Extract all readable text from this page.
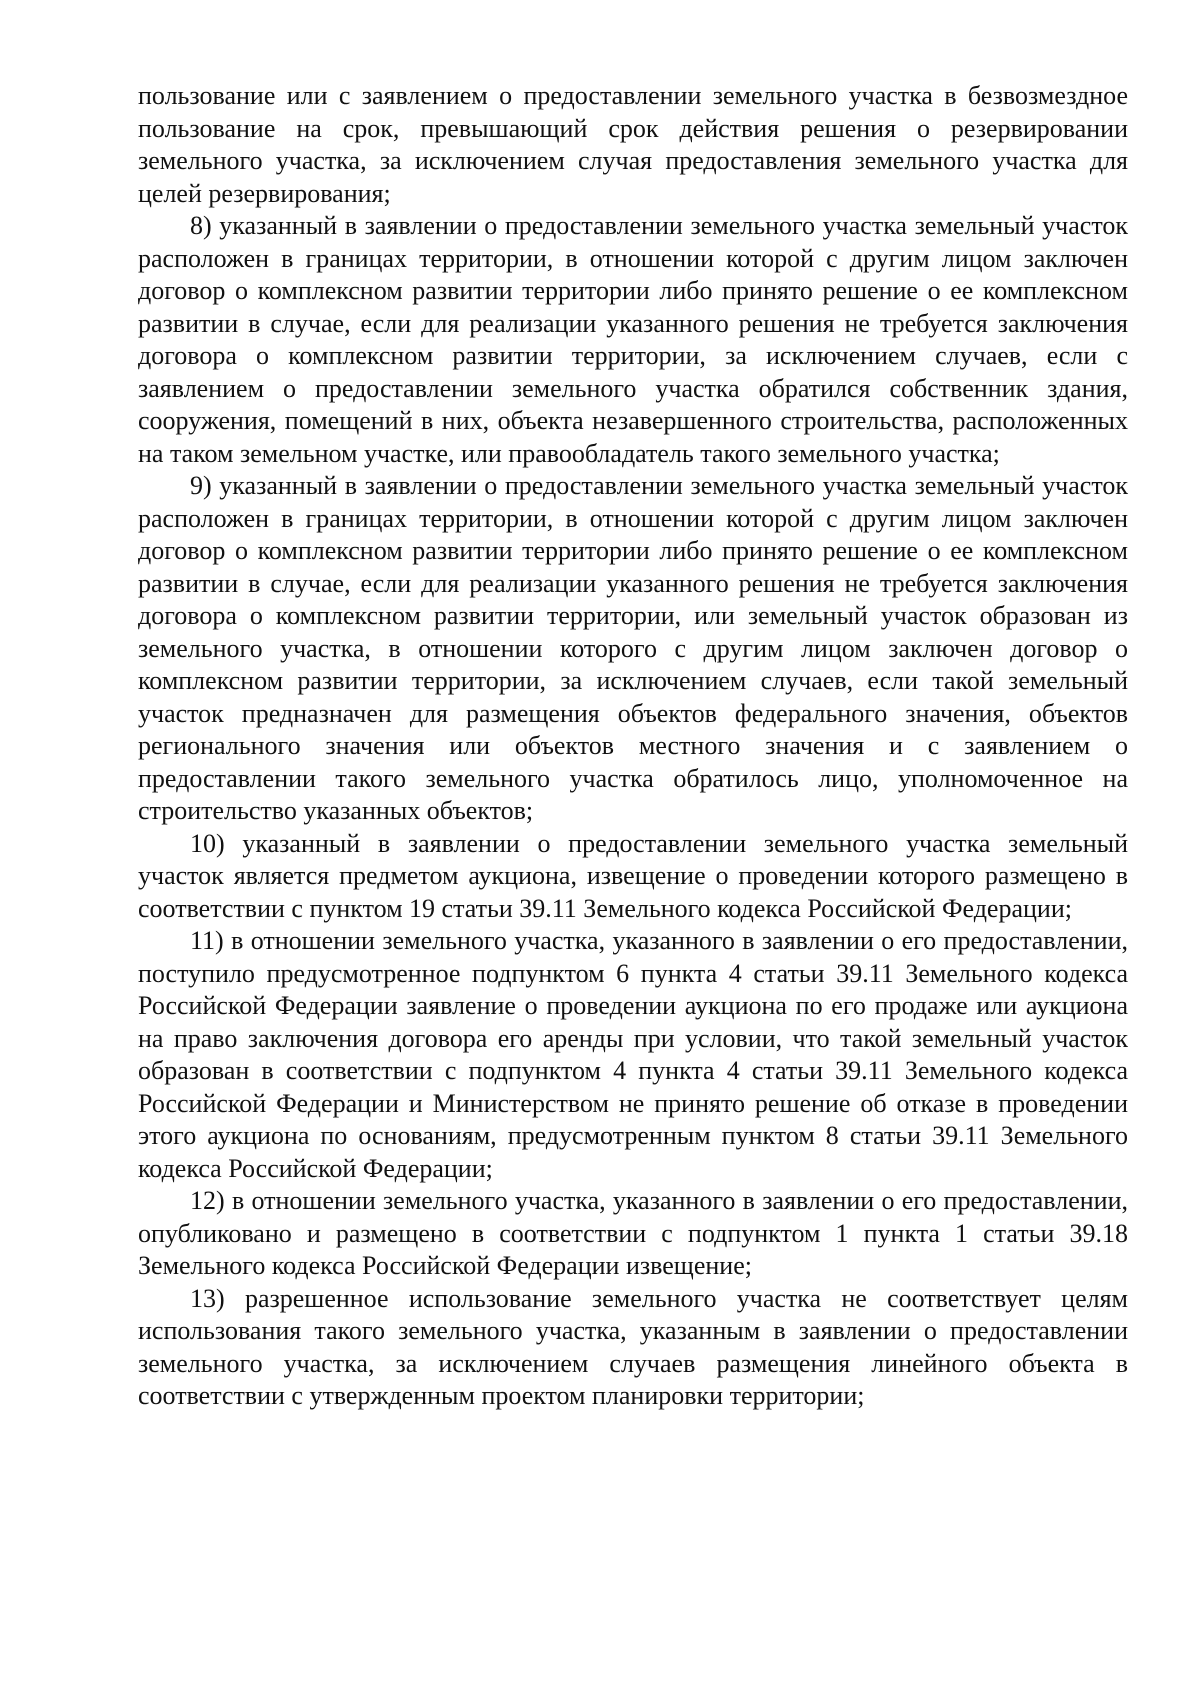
пользование или с заявлением о предоставлении земельного участка в безвозмездное пользование на срок, превышающий срок действия решения о резервировании земельного участка, за исключением случая предоставления земельного участка для целей резервирования;

8) указанный в заявлении о предоставлении земельного участка земельный участок расположен в границах территории, в отношении которой с другим лицом заключен договор о комплексном развитии территории либо принято решение о ее комплексном развитии в случае, если для реализации указанного решения не требуется заключения договора о комплексном развитии территории, за исключением случаев, если с заявлением о предоставлении земельного участка обратился собственник здания, сооружения, помещений в них, объекта незавершенного строительства, расположенных на таком земельном участке, или правообладатель такого земельного участка;

9) указанный в заявлении о предоставлении земельного участка земельный участок расположен в границах территории, в отношении которой с другим лицом заключен договор о комплексном развитии территории либо принято решение о ее комплексном развитии в случае, если для реализации указанного решения не требуется заключения договора о комплексном развитии территории, или земельный участок образован из земельного участка, в отношении которого с другим лицом заключен договор о комплексном развитии территории, за исключением случаев, если такой земельный участок предназначен для размещения объектов федерального значения, объектов регионального значения или объектов местного значения и с заявлением о предоставлении такого земельного участка обратилось лицо, уполномоченное на строительство указанных объектов;

10) указанный в заявлении о предоставлении земельного участка земельный участок является предметом аукциона, извещение о проведении которого размещено в соответствии с пунктом 19 статьи 39.11 Земельного кодекса Российской Федерации;

11) в отношении земельного участка, указанного в заявлении о его предоставлении, поступило предусмотренное подпунктом 6 пункта 4 статьи 39.11 Земельного кодекса Российской Федерации заявление о проведении аукциона по его продаже или аукциона на право заключения договора его аренды при условии, что такой земельный участок образован в соответствии с подпунктом 4 пункта 4 статьи 39.11 Земельного кодекса Российской Федерации и Министерством не принято решение об отказе в проведении этого аукциона по основаниям, предусмотренным пунктом 8 статьи 39.11 Земельного кодекса Российской Федерации;

12) в отношении земельного участка, указанного в заявлении о его предоставлении, опубликовано и размещено в соответствии с подпунктом 1 пункта 1 статьи 39.18 Земельного кодекса Российской Федерации извещение;

13) разрешенное использование земельного участка не соответствует целям использования такого земельного участка, указанным в заявлении о предоставлении земельного участка, за исключением случаев размещения линейного объекта в соответствии с утвержденным проектом планировки территории;
